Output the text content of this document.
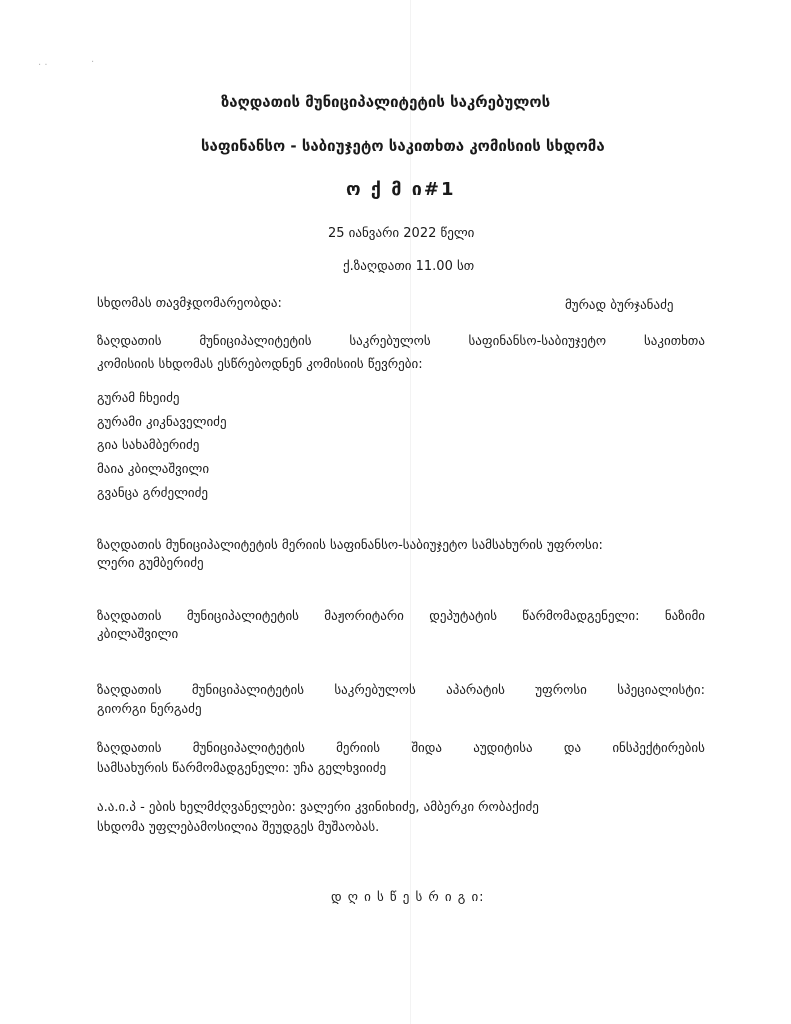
· ·	·
ზაღდათის მუნიციპალიტეტის საკრებულოს
საფინანსო - საბიუჯეტო საკითხთა კომისიის სხდომა
ო ქ მ ი#1
25 იანვარი 2022 წელი
ქ.ზაღდათი 11.00 სთ
სხდომას თავმჯდომარეობდა:	მურად ბურჯანაძე
ზაღდათის	მუნიციპალიტეტის	საკრებულოს	საფინანსო-საბიუჯეტო	საკითხთა
კომისიის სხდომას ესწრებოდნენ კომისიის წევრები:
გურამ ჩხეიძე
გურამი კიკნაველიძე
გია სახამბერიძე
მაია კბილაშვილი
გვანცა გრძელიძე
ზაღდათის მუნიციპალიტეტის მერიის საფინანსო-საბიუჯეტო სამსახურის უფროსი:
ლერი გუმბერიძე
ზაღდათის მუნიციპალიტეტის მაჟორიტარი დეპუტატის წარმომადგენელი: ნაზიმი
კბილაშვილი
ზაღდათის მუნიციპალიტეტის საკრებულოს აპარატის უფროსი სპეციალისტი:
გიორგი ნერგაძე
ზაღდათის მუნიციპალიტეტის მერიის შიდა აუდიტისა და ინსპექტირების
სამსახურის წარმომადგენელი: უჩა გელხვიიძე
ა.ა.ი.პ - ების ხელმძღვანელები: ვალერი კვინიხიძე, ამბერკი რობაქიძე
სხდომა უფლებამოსილია შეუდგეს მუშაობას.
დ ღ ი ს წ ე ს რ ი გ ი:
